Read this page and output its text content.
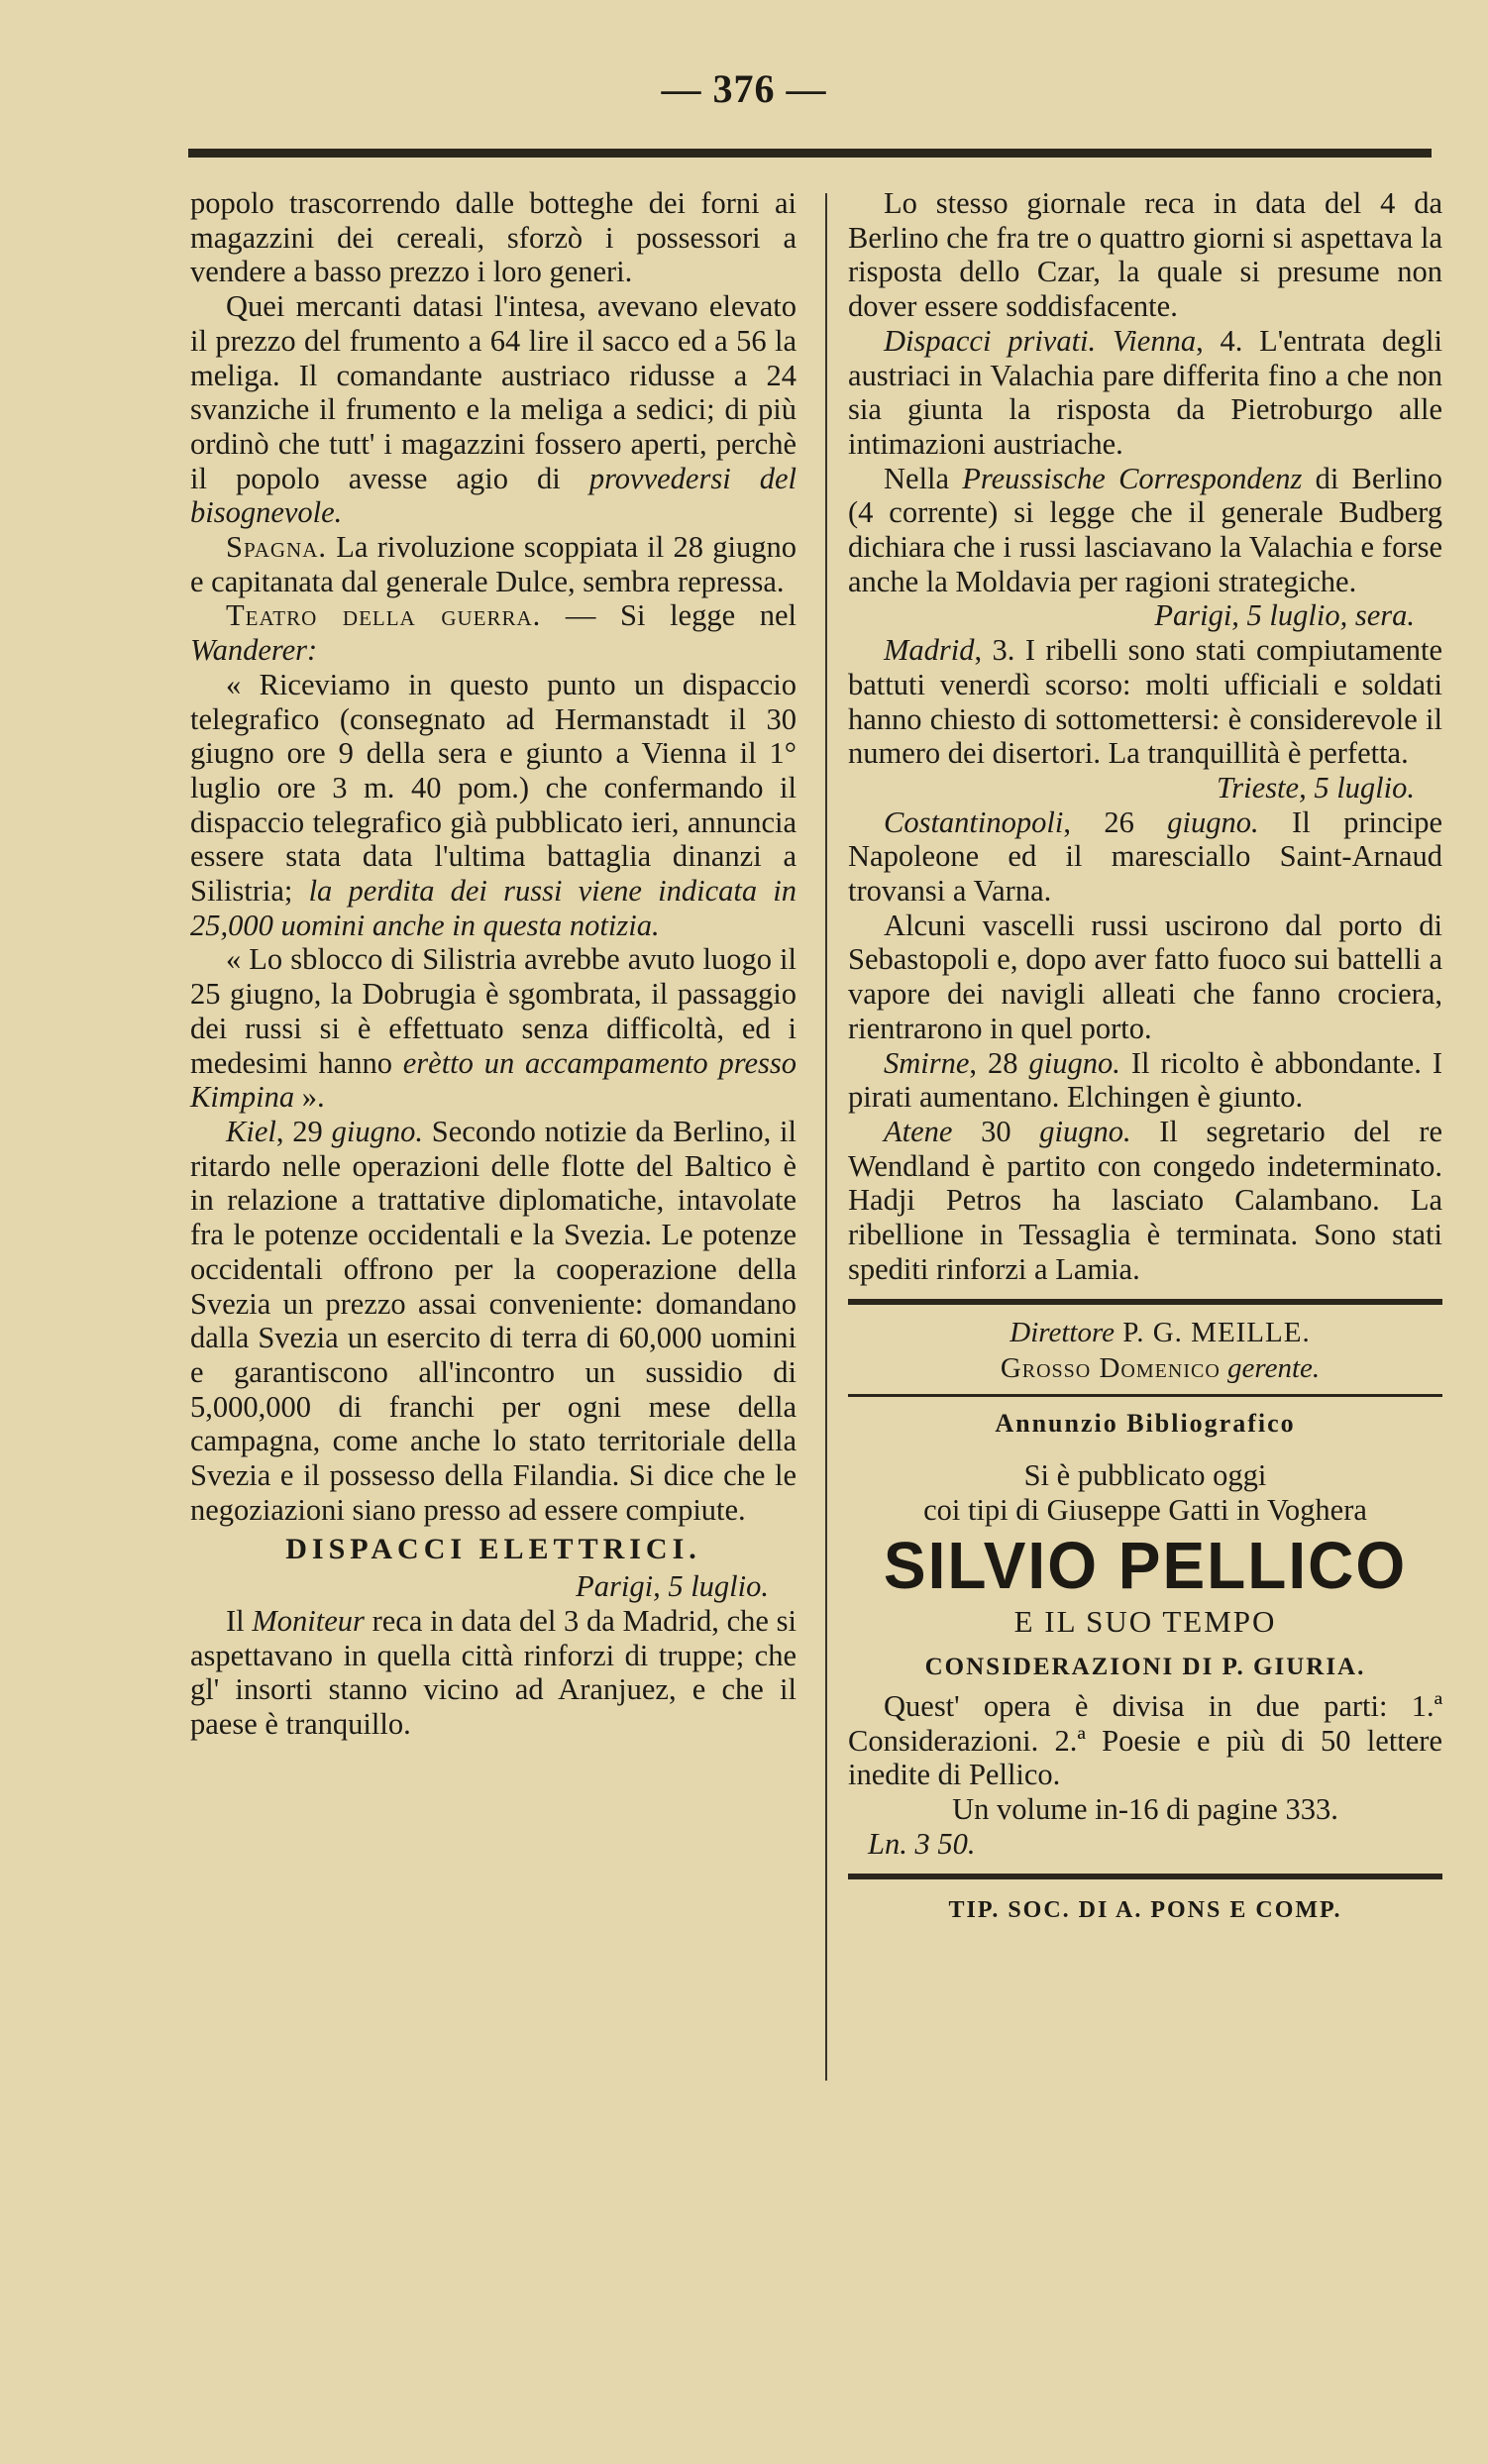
— 376 —

popolo trascorrendo dalle botteghe dei forni ai magazzini dei cereali, sforzò i possessori a vendere a basso prezzo i loro generi.

Quei mercanti datasi l'intesa, avevano elevato il prezzo del frumento a 64 lire il sacco ed a 56 la meliga. Il comandante austriaco ridusse a 24 svanziche il frumento e la meliga a sedici; di più ordinò che tutt' i magazzini fossero aperti, perchè il popolo avesse agio di provvedersi del bisognevole.

Spagna. La rivoluzione scoppiata il 28 giugno e capitanata dal generale Dulce, sembra repressa.

Teatro della guerra. — Si legge nel Wanderer:

« Riceviamo in questo punto un dispaccio telegrafico (consegnato ad Hermanstadt il 30 giugno ore 9 della sera e giunto a Vienna il 1° luglio ore 3 m. 40 pom.) che confermando il dispaccio telegrafico già pubblicato ieri, annuncia essere stata data l'ultima battaglia dinanzi a Silistria; la perdita dei russi viene indicata in 25,000 uomini anche in questa notizia.

« Lo sblocco di Silistria avrebbe avuto luogo il 25 giugno, la Dobrugia è sgombrata, il passaggio dei russi si è effettuato senza difficoltà, ed i medesimi hanno erètto un accampamento presso Kimpina ».

Kiel, 29 giugno. Secondo notizie da Berlino, il ritardo nelle operazioni delle flotte del Baltico è in relazione a trattative diplomatiche, intavolate fra le potenze occidentali e la Svezia. Le potenze occidentali offrono per la cooperazione della Svezia un prezzo assai conveniente: domandano dalla Svezia un esercito di terra di 60,000 uomini e garantiscono all'incontro un sussidio di 5,000,000 di franchi per ogni mese della campagna, come anche lo stato territoriale della Svezia e il possesso della Filandia. Si dice che le negoziazioni siano presso ad essere compiute.

DISPACCI ELETTRICI.

Parigi, 5 luglio.

Il Moniteur reca in data del 3 da Madrid, che si aspettavano in quella città rinforzi di truppe; che gl' insorti stanno vicino ad Aranjuez, e che il paese è tranquillo.

Lo stesso giornale reca in data del 4 da Berlino che fra tre o quattro giorni si aspettava la risposta dello Czar, la quale si presume non dover essere soddisfacente.

Dispacci privati. Vienna, 4. L'entrata degli austriaci in Valachia pare differita fino a che non sia giunta la risposta da Pietroburgo alle intimazioni austriache.

Nella Preussische Correspondenz di Berlino (4 corrente) si legge che il generale Budberg dichiara che i russi lasciavano la Valachia e forse anche la Moldavia per ragioni strategiche.

Parigi, 5 luglio, sera.

Madrid, 3. I ribelli sono stati compiutamente battuti venerdì scorso: molti ufficiali e soldati hanno chiesto di sottomettersi: è considerevole il numero dei disertori. La tranquillità è perfetta.

Trieste, 5 luglio.

Costantinopoli, 26 giugno. Il principe Napoleone ed il maresciallo Saint-Arnaud trovansi a Varna.

Alcuni vascelli russi uscirono dal porto di Sebastopoli e, dopo aver fatto fuoco sui battelli a vapore dei navigli alleati che fanno crociera, rientrarono in quel porto.

Smirne, 28 giugno. Il ricolto è abbondante. I pirati aumentano. Elchingen è giunto.

Atene 30 giugno. Il segretario del re Wendland è partito con congedo indeterminato. Hadji Petros ha lasciato Calambano. La ribellione in Tessaglia è terminata. Sono stati spediti rinforzi a Lamia.

Direttore P. G. MEILLE.
Grosso Domenico gerente.
Annunzio Bibliografico

Si è pubblicato oggi

coi tipi di Giuseppe Gatti in Voghera

SILVIO PELLICO
E IL SUO TEMPO
CONSIDERAZIONI DI P. GIURIA.

Quest' opera è divisa in due parti: 1.ª Considerazioni. 2.ª Poesie e più di 50 lettere inedite di Pellico.

Un volume in-16 di pagine 333.

Ln. 3 50.

TIP. SOC. DI A. PONS E COMP.
